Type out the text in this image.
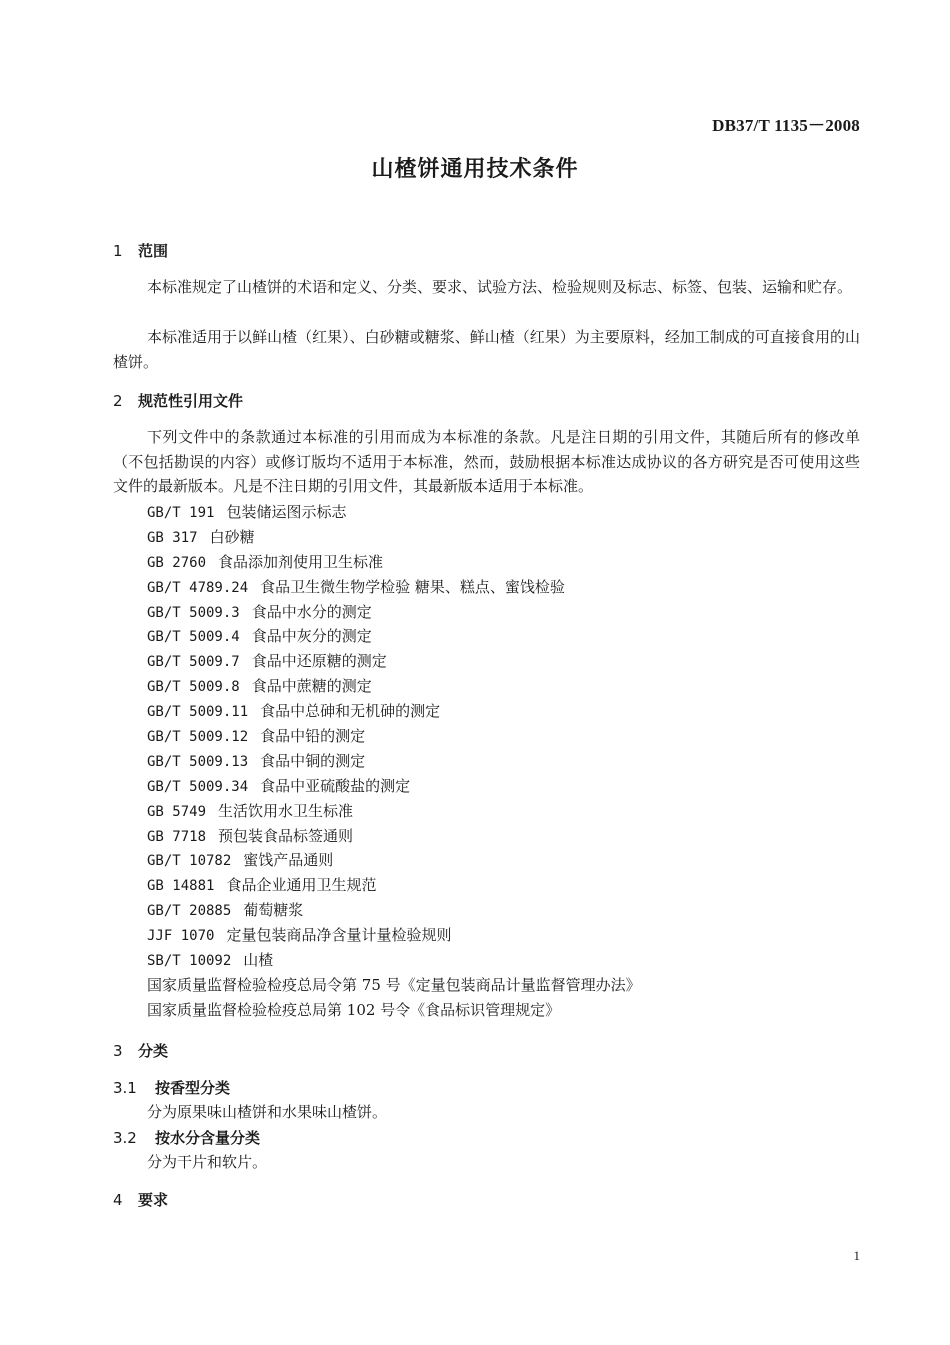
DB37/T 1135－2008
山楂饼通用技术条件
1 范围

本标准规定了山楂饼的术语和定义、分类、要求、试验方法、检验规则及标志、标签、包装、运输和贮存。

本标准适用于以鲜山楂（红果）、白砂糖或糖浆、鲜山楂（红果）为主要原料，经加工制成的可直接食用的山楂饼。

2 规范性引用文件

下列文件中的条款通过本标准的引用而成为本标准的条款。凡是注日期的引用文件，其随后所有的修改单（不包括勘误的内容）或修订版均不适用于本标准，然而，鼓励根据本标准达成协议的各方研究是否可使用这些文件的最新版本。凡是不注日期的引用文件，其最新版本适用于本标准。

GB/T 191 包装储运图示标志
GB 317 白砂糖
GB 2760 食品添加剂使用卫生标准
GB/T 4789.24 食品卫生微生物学检验 糖果、糕点、蜜饯检验
GB/T 5009.3 食品中水分的测定
GB/T 5009.4 食品中灰分的测定
GB/T 5009.7 食品中还原糖的测定
GB/T 5009.8 食品中蔗糖的测定
GB/T 5009.11 食品中总砷和无机砷的测定
GB/T 5009.12 食品中铅的测定
GB/T 5009.13 食品中铜的测定
GB/T 5009.34 食品中亚硫酸盐的测定
GB 5749 生活饮用水卫生标准
GB 7718 预包装食品标签通则
GB/T 10782 蜜饯产品通则
GB 14881 食品企业通用卫生规范
GB/T 20885 葡萄糖浆
JJF 1070 定量包装商品净含量计量检验规则
SB/T 10092 山楂
国家质量监督检验检疫总局令第 75 号《定量包装商品计量监督管理办法》
国家质量监督检验检疫总局第 102 号令《食品标识管理规定》
3 分类
3.1 按香型分类
分为原果味山楂饼和水果味山楂饼。
3.2 按水分含量分类
分为干片和软片。
4 要求
1
